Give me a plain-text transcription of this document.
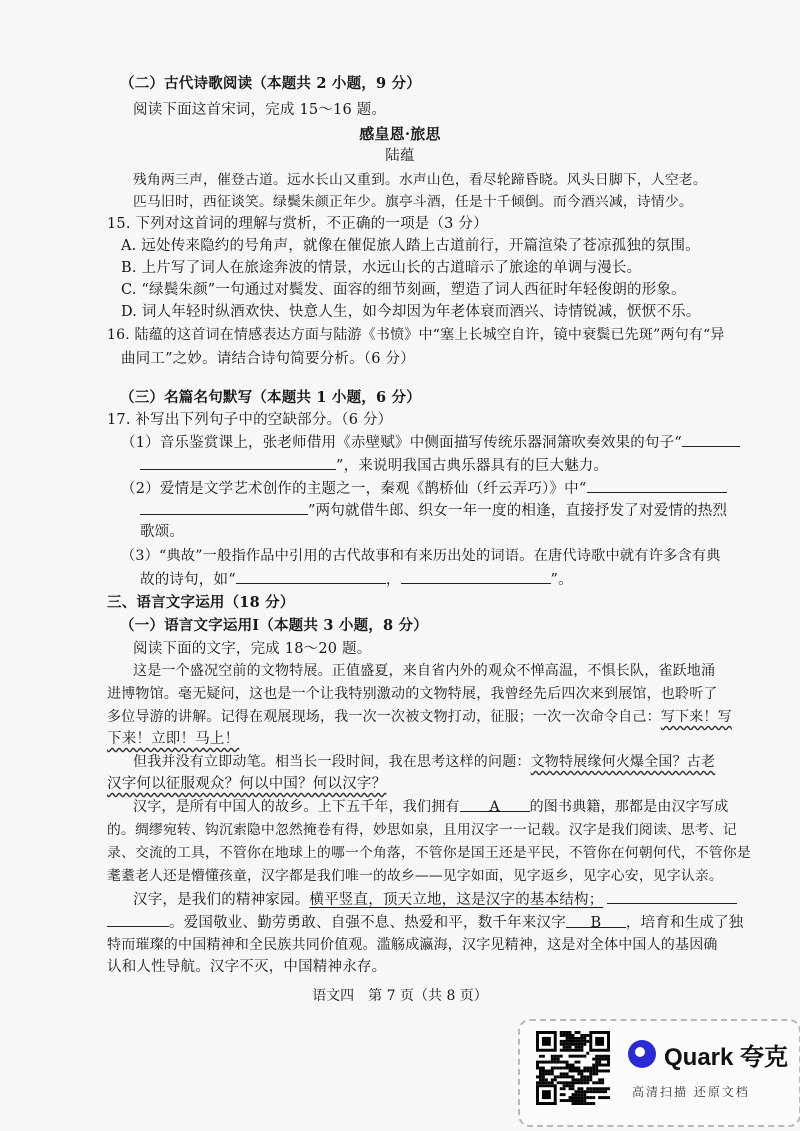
（二）古代诗歌阅读（本题共 2 小题，9 分）
阅读下面这首宋词，完成 15～16 题。
感皇恩·旅思
陆蕴
残角两三声，催登古道。远水长山又重到。水声山色，看尽轮蹄昏晓。风头日脚下，人空老。
匹马旧时，西征谈笑。绿鬓朱颜正年少。旗亭斗酒，任是十千倾倒。而今酒兴减，诗情少。
15. 下列对这首词的理解与赏析，不正确的一项是（3 分）
A. 远处传来隐约的号角声，就像在催促旅人踏上古道前行，开篇渲染了苍凉孤独的氛围。
B. 上片写了词人在旅途奔波的情景，水远山长的古道暗示了旅途的单调与漫长。
C. “绿鬓朱颜”一句通过对鬓发、面容的细节刻画，塑造了词人西征时年轻俊朗的形象。
D. 词人年轻时纵酒欢快、快意人生，如今却因为年老体衰而酒兴、诗情锐减，恹恹不乐。
16. 陆蕴的这首词在情感表达方面与陆游《书愤》中“塞上长城空自许，镜中衰鬓已先斑”两句有“异
曲同工”之妙。请结合诗句简要分析。（6 分）
（三）名篇名句默写（本题共 1 小题，6 分）
17. 补写出下列句子中的空缺部分。（6 分）
（1）音乐鉴赏课上，张老师借用《赤壁赋》中侧面描写传统乐器洞箫吹奏效果的句子“
”，来说明我国古典乐器具有的巨大魅力。
（2）爱情是文学艺术创作的主题之一，秦观《鹊桥仙（纤云弄巧）》中“
”两句就借牛郎、织女一年一度的相逢，直接抒发了对爱情的热烈
歌颂。
（3）“典故”一般指作品中引用的古代故事和有来历出处的词语。在唐代诗歌中就有许多含有典
故的诗句，如“	，	”。
三、语言文字运用（18 分）
（一）语言文字运用Ⅰ（本题共 3 小题，8 分）
阅读下面的文字，完成 18～20 题。
这是一个盛况空前的文物特展。正值盛夏，来自省内外的观众不惮高温，不惧长队，雀跃地涌
进博物馆。毫无疑问，这也是一个让我特别激动的文物特展，我曾经先后四次来到展馆，也聆听了
多位导游的讲解。记得在观展现场，我一次一次被文物打动，征服；一次一次命令自己：写下来！写
下来！立即！马上！
但我并没有立即动笔。相当长一段时间，我在思考这样的问题：文物特展缘何火爆全国？古老
汉字何以征服观众？何以中国？何以汉字？
汉字，是所有中国人的故乡。上下五千年，我们拥有 A 的图书典籍，那都是由汉字写成
的。绸缪宛转、钩沉索隐中忽然掩卷有得，妙思如泉，且用汉字一一记载。汉字是我们阅读、思考、记
录、交流的工具，不管你在地球上的哪一个角落，不管你是国王还是平民，不管你在何朝何代，不管你是
耄耋老人还是懵懂孩童，汉字都是我们唯一的故乡——见字如面，见字返乡，见字心安，见字认亲。
汉字，是我们的精神家园。横平竖直，顶天立地，这是汉字的基本结构；
。爱国敬业、勤劳勇敢、自强不息、热爱和平，数千年来汉字 B ，培育和生成了独
特而璀璨的中国精神和全民族共同价值观。滥觞成瀛海，汉字见精神，这是对全体中国人的基因确
认和人性导航。汉字不灭，中国精神永存。
语文四　第 7 页（共 8 页）
Quark 夸克
高清扫描 还原文档
